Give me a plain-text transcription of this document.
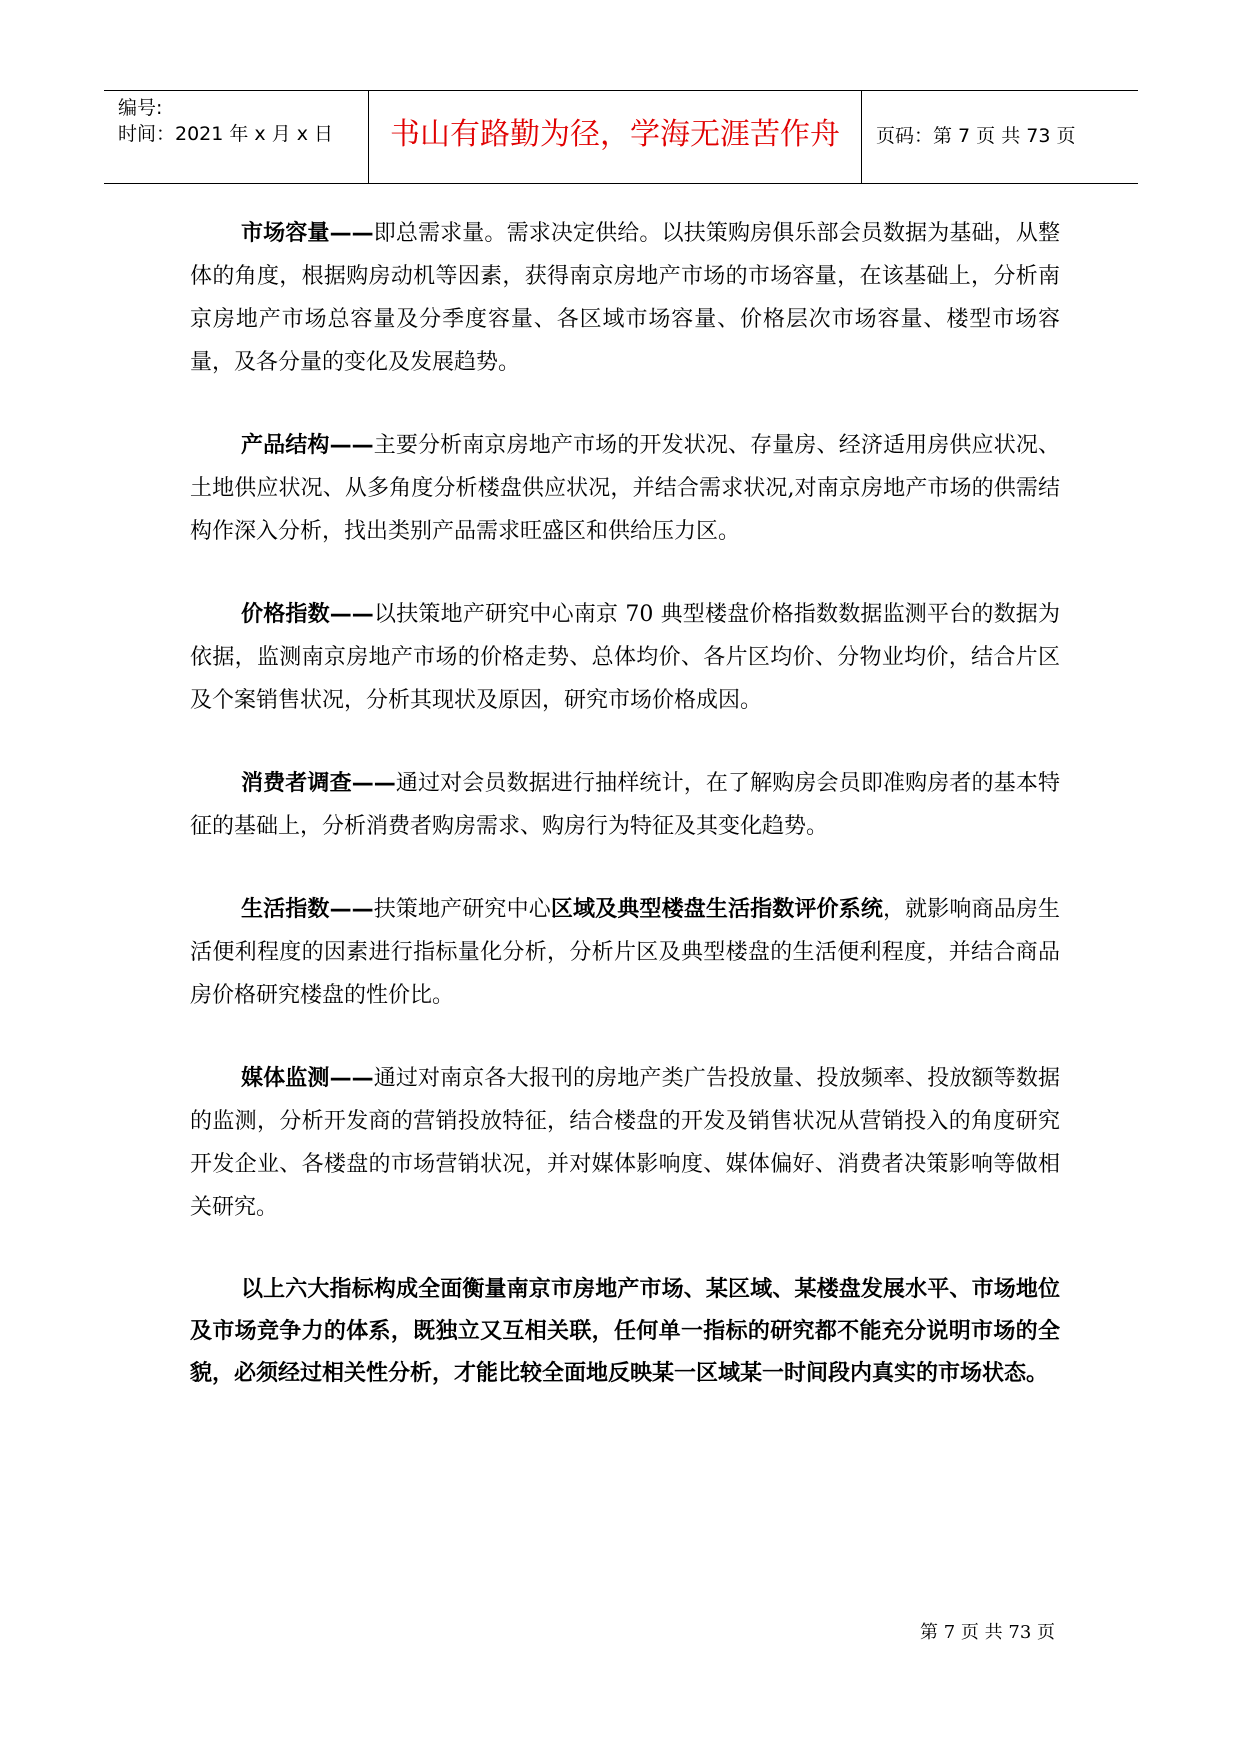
编号:
时间：2021 年 x 月 x 日	书山有路勤为径，学海无涯苦作舟	页码：第 7 页 共 73 页

市场容量——即总需求量。需求决定供给。以扶策购房俱乐部会员数据为基础，从整体的角度，根据购房动机等因素，获得南京房地产市场的市场容量，在该基础上，分析南京房地产市场总容量及分季度容量、各区域市场容量、价格层次市场容量、楼型市场容量，及各分量的变化及发展趋势。

产品结构——主要分析南京房地产市场的开发状况、存量房、经济适用房供应状况、土地供应状况、从多角度分析楼盘供应状况，并结合需求状况,对南京房地产市场的供需结构作深入分析，找出类别产品需求旺盛区和供给压力区。

价格指数——以扶策地产研究中心南京 70 典型楼盘价格指数数据监测平台的数据为依据，监测南京房地产市场的价格走势、总体均价、各片区均价、分物业均价，结合片区及个案销售状况，分析其现状及原因，研究市场价格成因。

消费者调查——通过对会员数据进行抽样统计，在了解购房会员即准购房者的基本特征的基础上，分析消费者购房需求、购房行为特征及其变化趋势。

生活指数——扶策地产研究中心区域及典型楼盘生活指数评价系统，就影响商品房生活便利程度的因素进行指标量化分析，分析片区及典型楼盘的生活便利程度，并结合商品房价格研究楼盘的性价比。

媒体监测——通过对南京各大报刊的房地产类广告投放量、投放频率、投放额等数据的监测，分析开发商的营销投放特征，结合楼盘的开发及销售状况从营销投入的角度研究开发企业、各楼盘的市场营销状况，并对媒体影响度、媒体偏好、消费者决策影响等做相关研究。

以上六大指标构成全面衡量南京市房地产市场、某区域、某楼盘发展水平、市场地位及市场竞争力的体系，既独立又互相关联，任何单一指标的研究都不能充分说明市场的全貌，必须经过相关性分析，才能比较全面地反映某一区域某一时间段内真实的市场状态。

第 7 页 共 73 页
